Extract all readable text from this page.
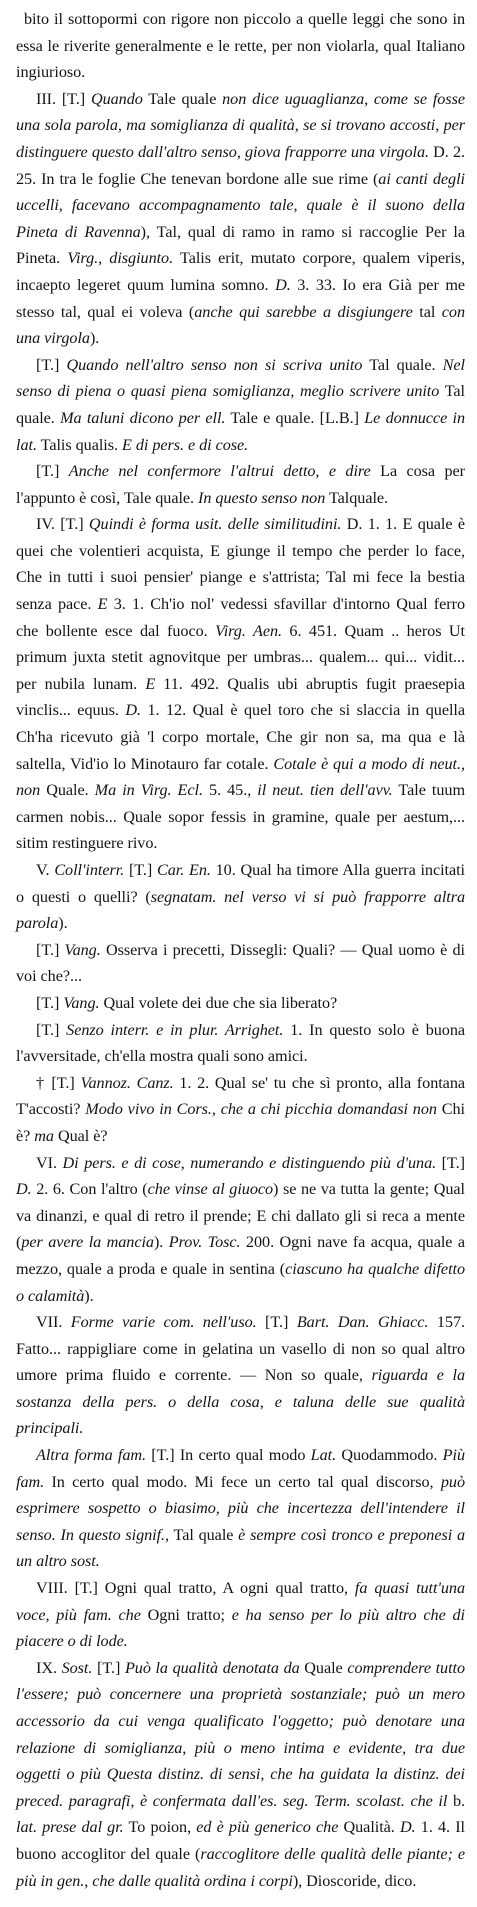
bito il sottopormi con rigore non piccolo a quelle leggi che sono in essa le riverite generalmente e le rette, per non violarla, qual Italiano ingiurioso.

III. [T.] Quando Tale quale non dice uguaglianza, come se fosse una sola parola, ma somiglianza di qualità, se si trovano accosti, per distinguere questo dall'altro senso, giova frapporre una virgola. D. 2. 25. In tra le foglie Che tenevan bordone alle sue rime (ai canti degli uccelli, facevano accompagnamento tale, quale è il suono della Pineta di Ravenna), Tal, qual di ramo in ramo si raccoglie Per la Pineta. Virg., disgiunto. Talis erit, mutato corpore, qualem viperis, incaepto legeret quum lumina somno. D. 3. 33. Io era Già per me stesso tal, qual ei voleva (anche qui sarebbe a disgiungere tal con una virgola).

[T.] Quando nell'altro senso non si scriva unito Tal quale. Nel senso di piena o quasi piena somiglianza, meglio scrivere unito Tal quale. Ma taluni dicono per ell. Tale e quale. [L.B.] Le donnucce in lat. Talis qualis. E di pers. e di cose.

[T.] Anche nel confermore l'altrui detto, e dire La cosa per l'appunto è così, Tale quale. In questo senso non Talquale.

IV. [T.] Quindi è forma usit. delle similitudini. D. 1. 1. E quale è quei che volentieri acquista, E giunge il tempo che perder lo face, Che in tutti i suoi pensier' piange e s'attrista; Tal mi fece la bestia senza pace. E 3. 1. Ch'io nol' vedessi sfavillar d'intorno Qual ferro che bollente esce dal fuoco. Virg. Aen. 6. 451. Quam .. heros Ut primum juxta stetit agnovitque per umbras... qualem... qui... vidit... per nubila lunam. E 11. 492. Qualis ubi abruptis fugit praesepia vinclis... equus. D. 1. 12. Qual è quel toro che si slaccia in quella Ch'ha ricevuto già 'l corpo mortale, Che gir non sa, ma qua e là saltella, Vid'io lo Minotauro far cotale. Cotale è qui a modo di neut., non Quale. Ma in Virg. Ecl. 5. 45., il neut. tien dell'avv. Tale tuum carmen nobis... Quale sopor fessis in gramine, quale per aestum,... sitim restinguere rivo.

V. Coll'interr. [T.] Car. En. 10. Qual ha timore Alla guerra incitati o questi o quelli? (segnatam. nel verso vi si può frapporre altra parola).

[T.] Vang. Osserva i precetti, Dissegli: Quali? — Qual uomo è di voi che?...

[T.] Vang. Qual volete dei due che sia liberato?

[T.] Senzo interr. e in plur. Arrighet. 1. In questo solo è buona l'avversitade, ch'ella mostra quali sono amici.

† [T.] Vannoz. Canz. 1. 2. Qual se' tu che sì pronto, alla fontana T'accosti? Modo vivo in Cors., che a chi picchia domandasi non Chi è? ma Qual è?

VI. Di pers. e di cose, numerando e distinguendo più d'una. [T.] D. 2. 6. Con l'altro (che vinse al giuoco) se ne va tutta la gente; Qual va dinanzi, e qual di retro il prende; E chi dallato gli si reca a mente (per avere la mancia). Prov. Tosc. 200. Ogni nave fa acqua, quale a mezzo, quale a proda e quale in sentina (ciascuno ha qualche difetto o calamità).

VII. Forme varie com. nell'uso. [T.] Bart. Dan. Ghiacc. 157. Fatto... rappigliare come in gelatina un vasello di non so qual altro umore prima fluido e corrente. — Non so quale, riguarda e la sostanza della pers. o della cosa, e taluna delle sue qualità principali.

Altra forma fam. [T.] In certo qual modo Lat. Quodammodo. Più fam. In certo qual modo. Mi fece un certo tal qual discorso, può esprimere sospetto o biasimo, più che incertezza dell'intendere il senso. In questo signif., Tal quale è sempre così tronco e preponesi a un altro sost.

VIII. [T.] Ogni qual tratto, A ogni qual tratto, fa quasi tutt'una voce, più fam. che Ogni tratto; e ha senso per lo più altro che di piacere o di lode.

IX. Sost. [T.] Può la qualità denotata da Quale comprendere tutto l'essere; può concernere una proprietà sostanziale; può un mero accessorio da cui venga qualificato l'oggetto; può denotare una relazione di somiglianza, più o meno intima e evidente, tra due oggetti o più Questa distinz. di sensi, che ha guidata la distinz. dei preced. paragrafi, è confermata dall'es. seg. Term. scolast. che il b. lat. prese dal gr. To poion, ed è più generico che Qualità. D. 1. 4. Il buono accoglitor del quale (raccoglitore delle qualità delle piante; e più in gen., che dalle qualità ordina i corpi), Dioscoride, dico.
